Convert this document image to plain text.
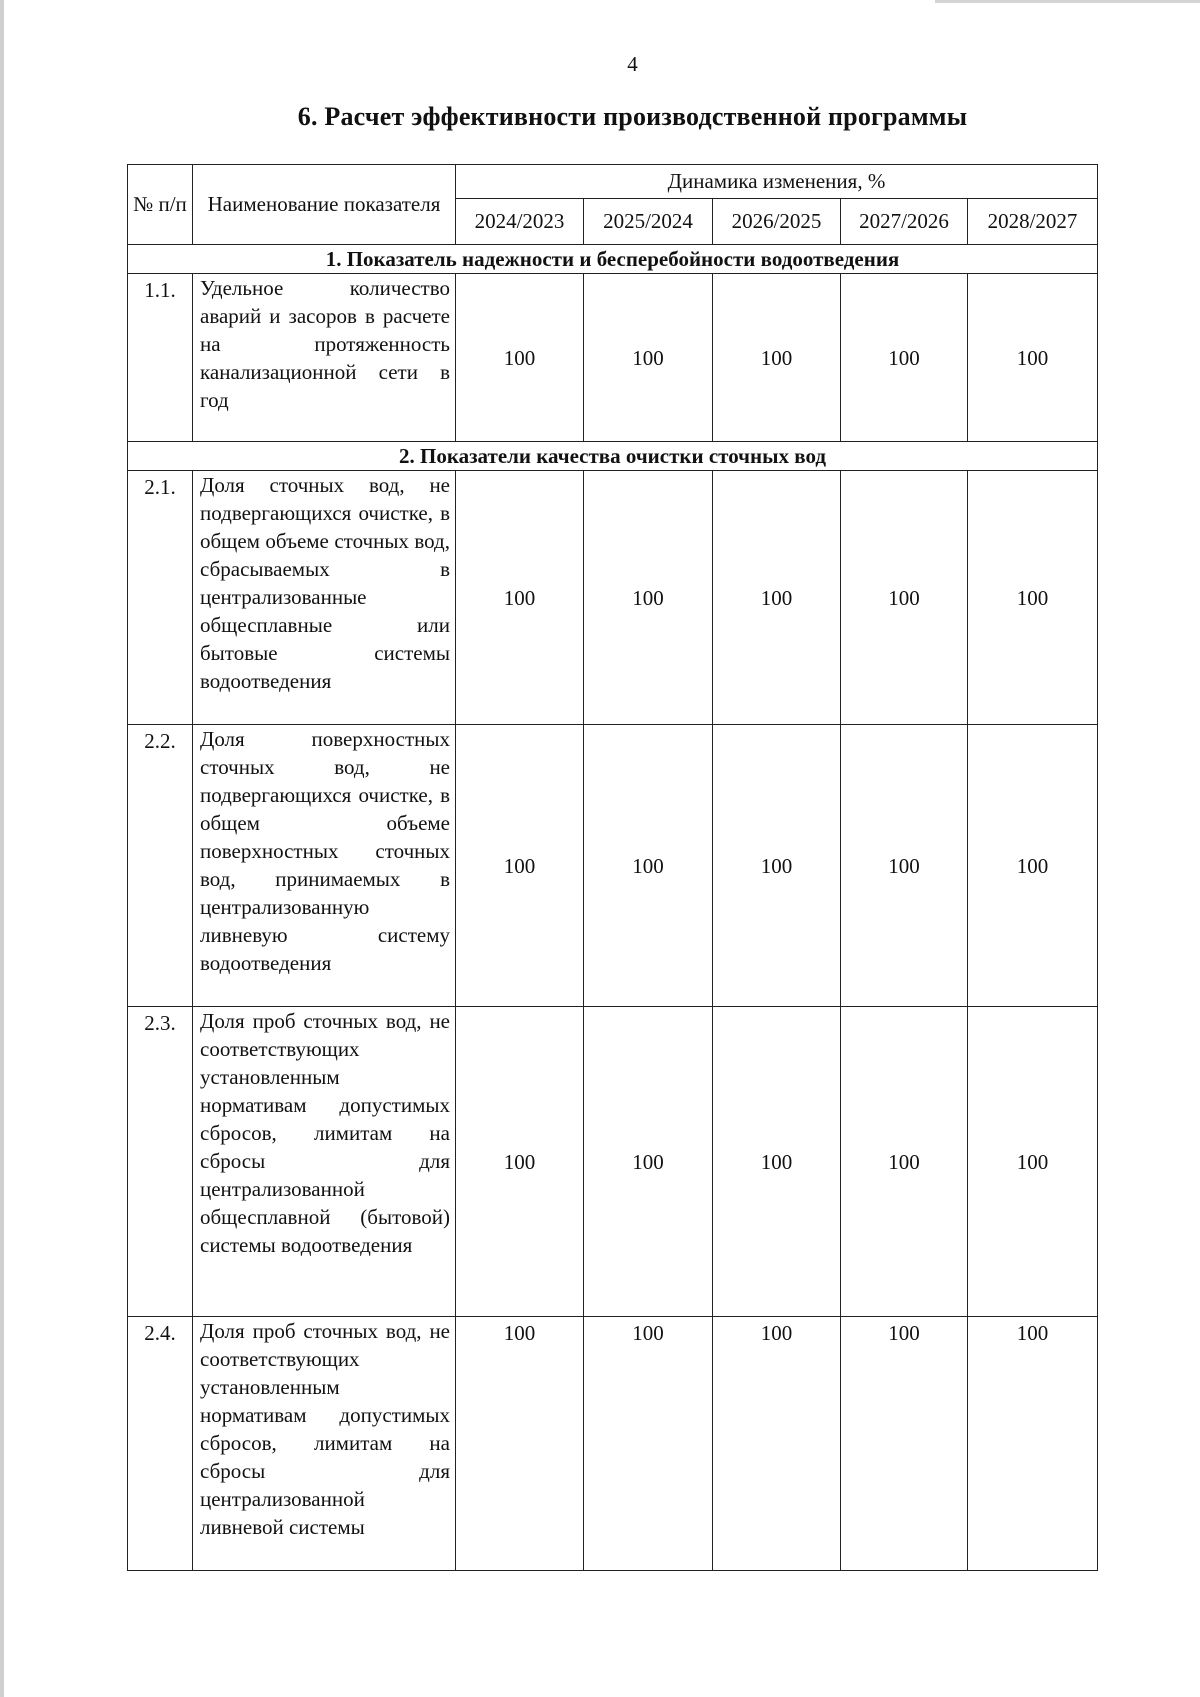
4
6. Расчет эффективности производственной программы
№ п/п	Наименование показателя	Динамика изменения, %				
		2024/2023	2025/2024	2026/2025	2027/2026	2028/2027
1. Показатель надежности и бесперебойности водоотведения						
1.1.	Удельное количество аварий и засоров в расчете на протяженность канализационной сети в год	100	100	100	100	100
2. Показатели качества очистки сточных вод						
2.1.	Доля сточных вод, не подвергающихся очистке, в общем объеме сточных вод, сбрасываемых в централизованные общесплавные или бытовые системы водоотведения	100	100	100	100	100
2.2.	Доля поверхностных сточных вод, не подвергающихся очистке, в общем объеме поверхностных сточных вод, принимаемых в централизованную ливневую систему водоотведения	100	100	100	100	100
2.3.	Доля проб сточных вод, не соответствующих установленным нормативам допустимых сбросов, лимитам на сбросы для централизованной общесплавной (бытовой) системы водоотведения	100	100	100	100	100
2.4.	Доля проб сточных вод, не соответствующих установленным нормативам допустимых сбросов, лимитам на сбросы для централизованной ливневой системы	100	100	100	100	100
